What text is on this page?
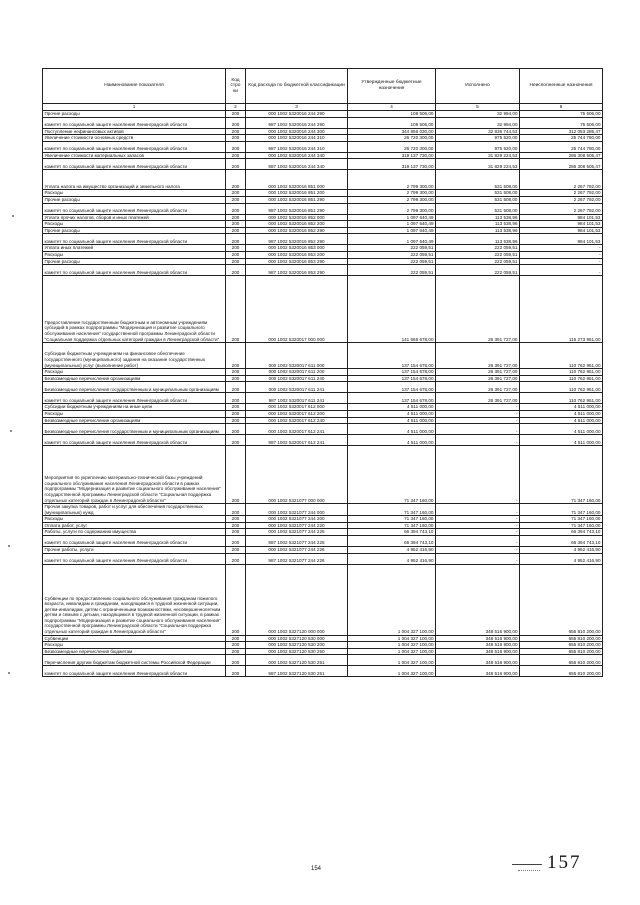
Наименование показателя	Код стро ки	Код расхода по бюджетной классификации	Утвержденные бюджетные назначения	Исполнено	Неисполненные назначения
1	2	3	4	5	6
Прочие расходы	200	000 1002 5320016 244 290	108 506,00	32 994,00	75 506,00
комитет по социальной защите населения Ленинградской области	200	987 1002 5320016 244 290	108 506,00	32 994,00	75 506,00
Поступление нефинансовых активов	200	000 1002 5320016 244 300	344 856 030,00	32 836 744,53	312 053 285,47
Увеличение стоимости основных средств	200	000 1002 5320016 244 310	26 720 300,00	975 520,00	25 744 780,00
комитет по социальной защите населения Ленинградской области	200	987 1002 5320016 244 310	26 720 300,00	975 520,00	25 744 780,00
Увеличение стоимости материальных запасов	200	000 1002 5320016 244 340	319 137 730,00	31 829 224,53	286 308 505,47
комитет по социальной защите населения Ленинградской области	200	987 1002 5320016 244 340	319 137 730,00	31 829 224,53	286 308 505,47
Уплата налога на имущество организаций и земельного налога	200	000 1002 5320016 851 000	2 799 300,00	531 508,00	2 267 792,00
Расходы	200	000 1002 5320016 851 200	2 799 300,00	531 508,00	2 267 792,00
Прочие расходы	200	000 1002 5320016 851 290	2 799 300,00	531 508,00	2 267 792,00
комитет по социальной защите населения Ленинградской области	200	987 1002 5320016 851 290	2 799 300,00	531 508,00	2 267 792,00
Уплата прочих налогов, сборов и иных платежей	200	000 1002 5320016 852 000	1 097 640,49	113 538,96	984 101,53
Расходы	200	000 1002 5320016 852 200	1 097 640,49	113 538,96	984 101,53
Прочие расходы	200	000 1002 5320016 852 290	1 097 640,49	113 538,96	984 101,53
комитет по социальной защите населения Ленинградской области	200	987 1002 5320016 852 290	1 097 640,49	113 538,96	984 101,53
Уплата иных платежей	200	000 1002 5320016 853 000	222 059,51	222 059,51	-
Расходы	200	000 1002 5320016 853 200	222 059,51	222 059,51	-
Прочие расходы	200	000 1002 5320016 853 290	222 059,51	222 059,51	-
комитет по социальной защите населения Ленинградской области	200	987 1002 5320016 853 290	222 059,51	222 059,51	-
Предоставление государственным бюджетным и автономным учреждениям субсидий в рамках подпрограммы "Модернизация и развитие социального обслуживания населения" государственной программы Ленинградской области "Социальная поддержка отдельных категорий граждан в Ленинградской области"	200	000 1002 5320017 000 000	141 665 678,00	26 391 727,00	115 273 951,00
Субсидии бюджетным учреждениям на финансовое обеспечение государственного (муниципального) задания на оказание государственных (муниципальных) услуг (выполнение работ)	200	000 1002 5320017 611 000	137 154 678,00	26 391 727,00	110 762 951,00
Расходы	200	000 1002 5320017 611 200	137 154 678,00	26 391 727,00	110 762 951,00
Безвозмездные перечисления организациям	200	000 1002 5320017 611 240	137 154 678,00	26 391 727,00	110 762 951,00
Безвозмездные перечисления государственным и муниципальным организациям	200	000 1002 5320017 611 241	137 154 678,00	26 391 727,00	110 762 951,00
комитет по социальной защите населения Ленинградской области	200	987 1002 5320017 611 241	137 154 678,00	26 391 727,00	110 762 951,00
Субсидии бюджетным учреждениям на иные цели	200	000 1002 5320017 612 000	4 511 000,00	-	4 511 000,00
Расходы	200	000 1002 5320017 612 200	4 511 000,00	-	4 511 000,00
Безвозмездные перечисления организациям	200	000 1002 5320017 612 240	4 511 000,00	-	4 511 000,00
Безвозмездные перечисления государственным и муниципальным организациям	200	000 1002 5320017 612 241	4 511 000,00	-	4 511 000,00
комитет по социальной защите населения Ленинградской области	200	987 1002 5320017 612 241	4 511 000,00	-	4 511 000,00
Мероприятия по укреплению материально-технической базы учреждений социального обслуживания населения Ленинградской области в рамках подпрограммы "Модернизация и развитие социального обслуживания населения" государственной программы Ленинградской области "Социальная поддержка отдельных категорий граждан в Ленинградской области"	200	000 1002 5321077 000 000	71 347 160,00	-	71 347 160,00
Прочая закупка товаров, работ и услуг для обеспечения государственных (муниципальных) нужд	200	000 1002 5321077 244 000	71 347 160,00	-	71 347 160,00
Расходы	200	000 1002 5321077 244 200	71 347 160,00	-	71 347 160,00
Оплата работ, услуг	200	000 1002 5321077 244 220	71 347 160,00	-	71 347 160,00
Работы, услуги по содержанию имущества	200	000 1002 5321077 244 225	66 394 743,10	-	66 394 743,10
комитет по социальной защите населения Ленинградской области	200	987 1002 5321077 244 225	66 394 743,10	-	66 394 743,10
Прочие работы, услуги	200	000 1002 5321077 244 226	4 952 416,90	-	4 952 416,90
комитет по социальной защите населения Ленинградской области	200	987 1002 5321077 244 226	4 952 416,90	-	4 952 416,90
Субвенции по предоставлению социального обслуживания гражданам пожилого возраста, инвалидам и гражданам, находящимся в трудной жизненной ситуации, детям-инвалидам, детям с ограниченными возможностями, несовершеннолетним детям и семьям с детьми, находящимся в трудной жизненной ситуации, в рамках подпрограммы "Модернизация и развитие социального обслуживания населения" государственной программы Ленинградской области "Социальная поддержка отдельных категорий граждан в Ленинградской области"	200	000 1002 5327120 000 000	1 004 327 100,00	348 516 900,00	655 810 200,00
Субвенции	200	000 1002 5327120 530 000	1 004 327 100,00	348 516 900,00	655 810 200,00
Расходы	200	000 1002 5327120 530 200	1 004 327 100,00	348 516 900,00	655 810 200,00
Безвозмездные перечисления бюджетам	200	000 1002 5327120 530 250	1 004 327 100,00	348 516 900,00	655 810 200,00
Перечисления другим бюджетам бюджетной системы Российской Федерации	200	000 1002 5327120 530 251	1 004 327 100,00	348 516 900,00	655 810 200,00
комитет по социальной защите населения Ленинградской области	200	987 1002 5327120 530 251	1 004 327 100,00	348 516 900,00	655 810 200,00
154	157
